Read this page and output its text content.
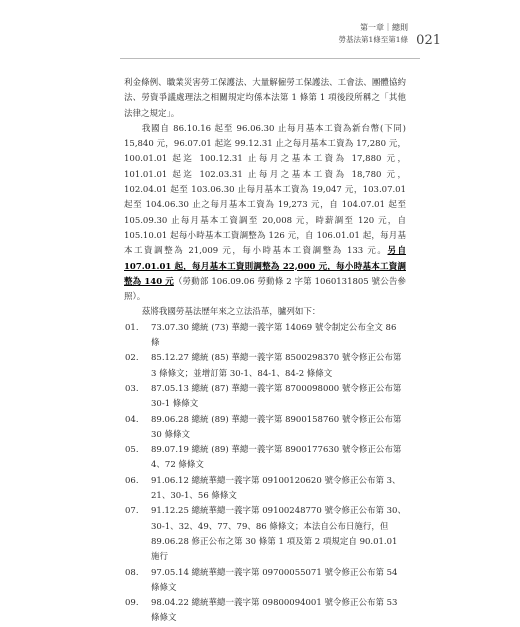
第一章｜總則
勞基法第1條至第1條 021

利金條例、職業災害勞工保護法、大量解僱勞工保護法、工會法、團體協約法、勞資爭議處理法之相關規定均係本法第 1 條第 1 項後段所稱之「其他法律之規定」。

我國自 86.10.16 起至 96.06.30 止每月基本工資為新台幣(下同) 15,840 元，96.07.01 起迄 99.12.31 止之每月基本工資為 17,280 元，100.01.01 起迄 100.12.31 止每月之基本工資為 17,880 元，101.01.01 起迄 102.03.31 止每月之基本工資為 18,780 元，102.04.01 起至 103.06.30 止每月基本工資為 19,047 元，103.07.01 起至 104.06.30 止之每月基本工資為 19,273 元，自 104.07.01 起至 105.09.30 止每月基本工資調至 20,008 元，時薪調至 120 元，自 105.10.01 起每小時基本工資調整為 126 元，自 106.01.01 起，每月基本工資調整為 21,009 元，每小時基本工資調整為 133 元。另自 107.01.01 起，每月基本工資則調整為 22,000 元，每小時基本工資調整為 140 元（勞動部 106.09.06 勞動條 2 字第 1060131805 號公告參照）。

茲將我國勞基法歷年來之立法沿革，臚列如下：

01.	73.07.30 總統 (73) 華總一義字第 14069 號令制定公布全文 86 條
02.	85.12.27 總統 (85) 華總一義字第 8500298370 號令修正公布第 3 條條文；並增訂第 30-1、84-1、84-2 條條文
03.	87.05.13 總統 (87) 華總一義字第 8700098000 號令修正公布第 30-1 條條文
04.	89.06.28 總統 (89) 華總一義字第 8900158760 號令修正公布第 30 條條文
05.	89.07.19 總統 (89) 華總一義字第 8900177630 號令修正公布第 4、72 條條文
06.	91.06.12 總統華總一義字第 09100120620 號令修正公布第 3、21、30-1、56 條條文
07.	91.12.25 總統華總一義字第 09100248770 號令修正公布第 30、30-1、32、49、77、79、86 條條文；本法自公布日施行，但 89.06.28 修正公布之第 30 條第 1 項及第 2 項規定自 90.01.01 施行
08.	97.05.14 總統華總一義字第 09700055071 號令修正公布第 54 條條文
09.	98.04.22 總統華總一義字第 09800094001 號令修正公布第 53 條條文
